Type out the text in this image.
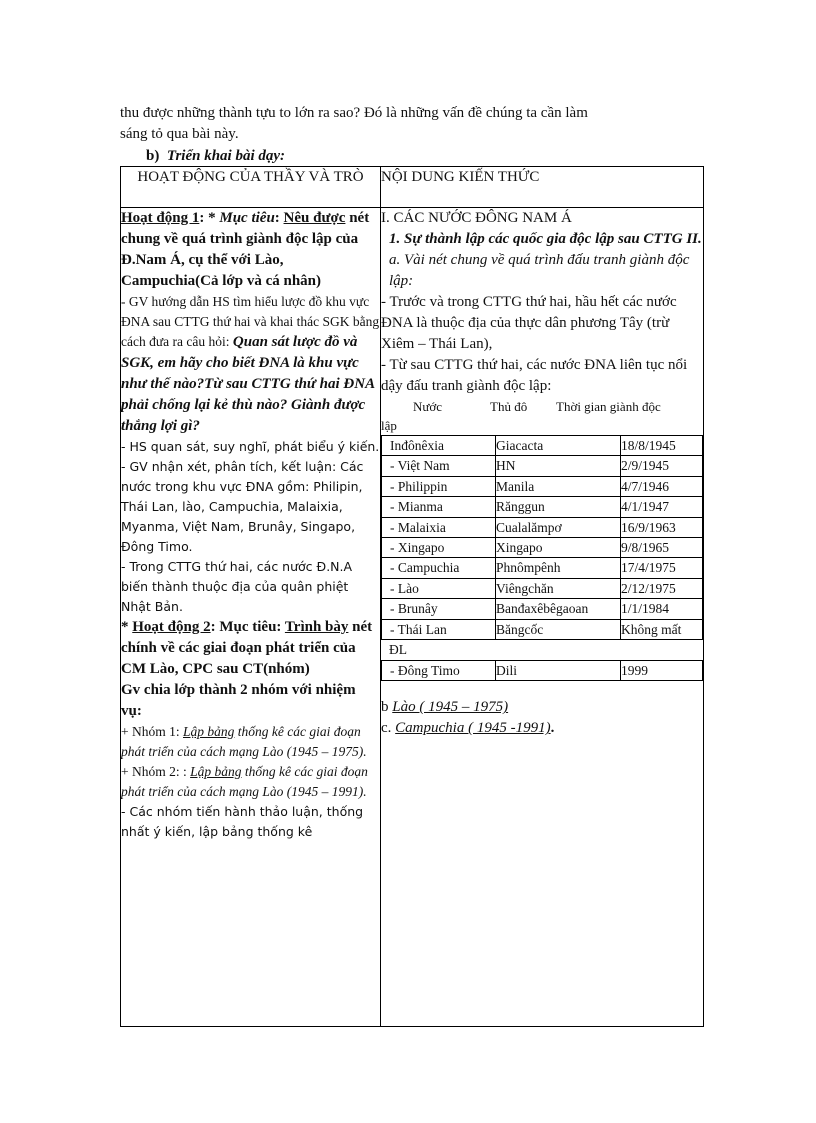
thu được những thành tựu to lớn ra sao? Đó là những vấn đề chúng ta cần làm
sáng tỏ qua bài này.
b) Triển khai bài dạy:
HOẠT ĐỘNG CỦA THẦY VÀ TRÒ	NỘI DUNG KIẾN THỨC

Hoạt động 1: * Mục tiêu: Nêu được nét chung về quá trình giành độc lập của Đ.Nam Á, cụ thể với Lào, Campuchia(Cả lớp và cá nhân)

- GV hướng dẫn HS tìm hiểu lược đồ khu vực ĐNA sau CTTG thứ hai và khai thác SGK bằng cách đưa ra câu hỏi: Quan sát lược đồ và SGK, em hãy cho biết ĐNA là khu vực như thế nào?Từ sau CTTG thứ hai ĐNA phải chống lại kẻ thù nào? Giành được thắng lợi gì?

- HS quan sát, suy nghĩ, phát biểu ý kiến.

- GV nhận xét, phân tích, kết luận: Các nước trong khu vực ĐNA gồm: Philipin, Thái Lan, lào, Campuchia, Malaixia, Myanma, Việt Nam, Brunây, Singapo, Đông Timo.

- Trong CTTG thứ hai, các nước Đ.N.A biến thành thuộc địa của quân phiệt Nhật Bản.

* Hoạt động 2: Mục tiêu: Trình bày nét chính về các giai đoạn phát triển của CM Lào, CPC sau CT(nhóm)

Gv chia lớp thành 2 nhóm với nhiệm vụ:

+ Nhóm 1: Lập bảng thống kê các giai đoạn phát triển của cách mạng Lào (1945 – 1975).

+ Nhóm 2: : Lập bảng thống kê các giai đoạn phát triển của cách mạng Lào (1945 – 1991).

- Các nhóm tiến hành thảo luận, thống nhất ý kiến, lập bảng thống kê

I. CÁC NƯỚC ĐÔNG NAM Á

1. Sự thành lập các quốc gia độc lập sau CTTG II.

a. Vài nét chung về quá trình đấu tranh giành độc lập:

- Trước và trong CTTG thứ hai, hầu hết các nước ĐNA là thuộc địa của thực dân phương Tây (trừ Xiêm – Thái Lan),

- Từ sau CTTG thứ hai, các nước ĐNA liên tục nổi dậy đấu tranh giành độc lập:

Nước	Thủ đô Thời gian giành độc
lập
Inđônêxia	Giacacta	18/8/1945
- Việt Nam	HN	2/9/1945
- Philippin	Manila	4/7/1946
- Mianma	Rănggun	4/1/1947
- Malaixia	Cualalămpơ	16/9/1963
- Xingapo	Xingapo	9/8/1965
- Campuchia	Phnômpênh	17/4/1975
- Lào	Viêngchăn	2/12/1975
- Brunây	Banđaxêbêgaoan	1/1/1984
- Thái Lan	Băngcốc	Không mất
ĐL
- Đông Timo	Dili	1999

b Lào ( 1945 – 1975)

c. Campuchia ( 1945 -1991).
